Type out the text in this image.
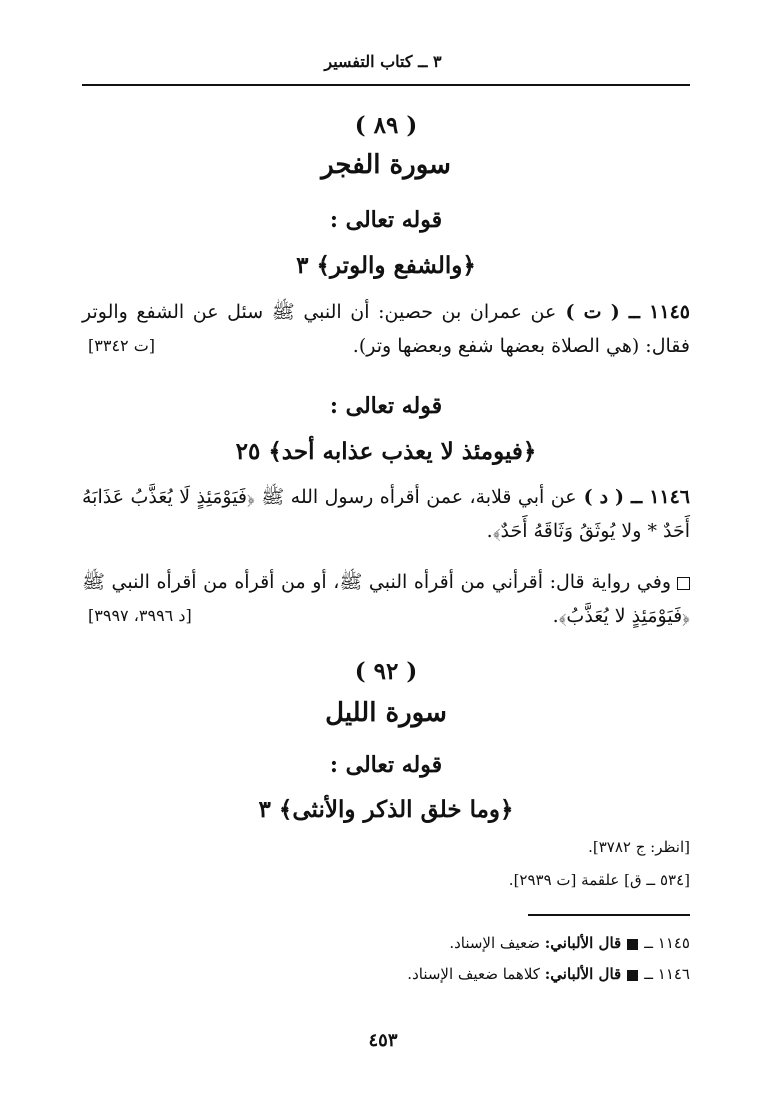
٣ ــ كتاب التفسير
( ٨٩ )
سورة الفجر
قوله تعالى :
﴿والشفع والوتر﴾ ٣
١١٤٥ ــ ( ت ) عن عمران بن حصين: أن النبي ﷺ سئل عن الشفع والوتر فقال: (هي الصلاة بعضها شفع وبعضها وتر).
[ت ٣٣٤٢]
قوله تعالى :
﴿فيومئذ لا يعذب عذابه أحد﴾ ٢٥
١١٤٦ ــ ( د ) عن أبي قلابة، عمن أقرأه رسول الله ﷺ ﴿فَيَوْمَئِذٍ لَا يُعَذَّبُ عَذَابَهُ أَحَدٌ * ولا يُوثَقُ وَثَاقَهُ أَحَدٌ﴾.
وفي رواية قال: أقرأني من أقرأه النبي ﷺ، أو من أقرأه من أقرأه النبي ﷺ ﴿فَيَوْمَئِذٍ لا يُعَذَّبُ﴾.
[د ٣٩٩٦، ٣٩٩٧]
( ٩٢ )
سورة الليل
قوله تعالى :
﴿وما خلق الذكر والأنثى﴾ ٣
[انظر: ج ٣٧٨٢].
[٥٣٤ ــ ق] علقمة [ت ٢٩٣٩].
١١٤٥ ــقال الألباني: ضعيف الإسناد.
١١٤٦ ــقال الألباني: كلاهما ضعيف الإسناد.
٤٥٣
